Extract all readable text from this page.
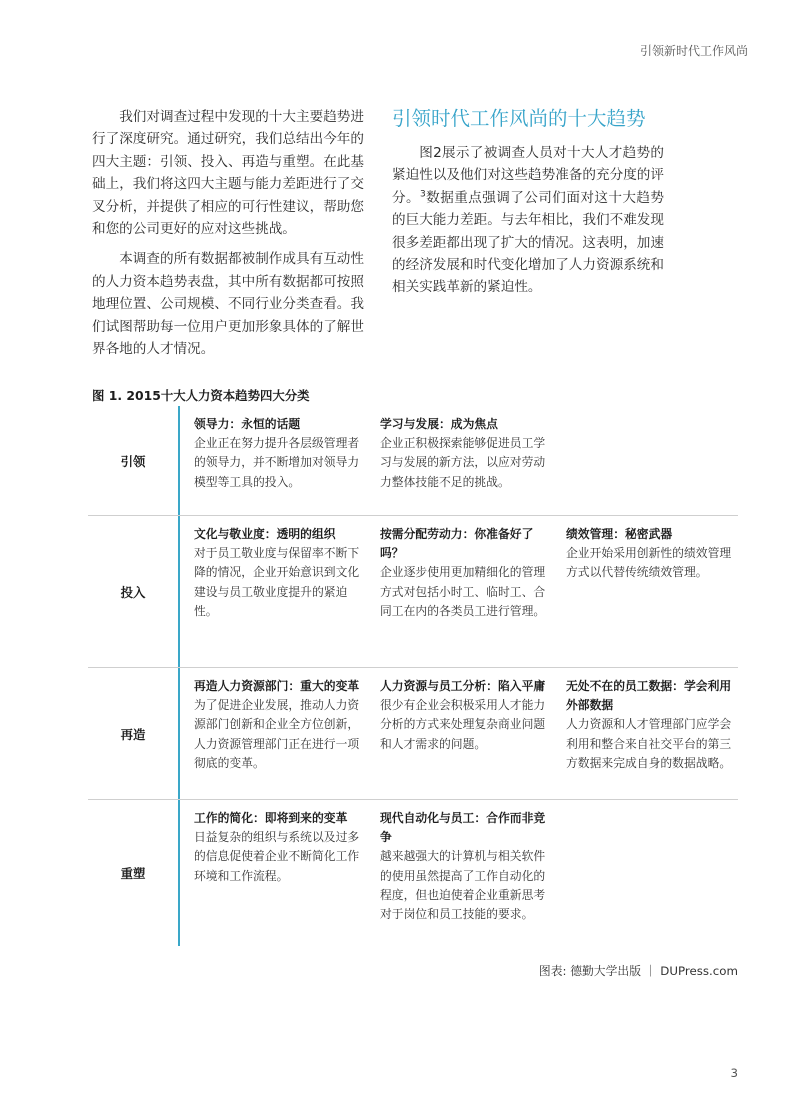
引领新时代工作风尚

我们对调查过程中发现的十大主要趋势进行了深度研究。通过研究，我们总结出今年的四大主题：引领、投入、再造与重塑。在此基础上，我们将这四大主题与能力差距进行了交叉分析，并提供了相应的可行性建议，帮助您和您的公司更好的应对这些挑战。

本调查的所有数据都被制作成具有互动性的人力资本趋势表盘，其中所有数据都可按照地理位置、公司规模、不同行业分类查看。我们试图帮助每一位用户更加形象具体的了解世界各地的人才情况。

引领时代工作风尚的十大趋势

图2展示了被调查人员对十大人才趋势的紧迫性以及他们对这些趋势准备的充分度的评分。$^3$数据重点强调了公司们面对这十大趋势的巨大能力差距。与去年相比，我们不难发现很多差距都出现了扩大的情况。这表明，加速的经济发展和时代变化增加了人力资源系统和相关实践革新的紧迫性。

图 1. 2015十大人力资本趋势四大分类
引领
领导力：永恒的话题
企业正在努力提升各层级管理者的领导力，并不断增加对领导力模型等工具的投入。
学习与发展：成为焦点
企业正积极探索能够促进员工学习与发展的新方法，以应对劳动力整体技能不足的挑战。
投入
文化与敬业度：透明的组织
对于员工敬业度与保留率不断下降的情况，企业开始意识到文化建设与员工敬业度提升的紧迫性。
按需分配劳动力：你准备好了吗？
企业逐步使用更加精细化的管理方式对包括小时工、临时工、合同工在内的各类员工进行管理。
绩效管理：秘密武器
企业开始采用创新性的绩效管理方式以代替传统绩效管理。
再造
再造人力资源部门：重大的变革
为了促进企业发展，推动人力资源部门创新和企业全方位创新，人力资源管理部门正在进行一项彻底的变革。
人力资源与员工分析：陷入平庸
很少有企业会积极采用人才能力分析的方式来处理复杂商业问题和人才需求的问题。
无处不在的员工数据：学会利用外部数据
人力资源和人才管理部门应学会利用和整合来自社交平台的第三方数据来完成自身的数据战略。
重塑
工作的简化：即将到来的变革
日益复杂的组织与系统以及过多的信息促使着企业不断简化工作环境和工作流程。
现代自动化与员工：合作而非竞争
越来越强大的计算机与相关软件的使用虽然提高了工作自动化的程度，但也迫使着企业重新思考对于岗位和员工技能的要求。
图表: 德勤大学出版 ｜ DUPress.com
3
